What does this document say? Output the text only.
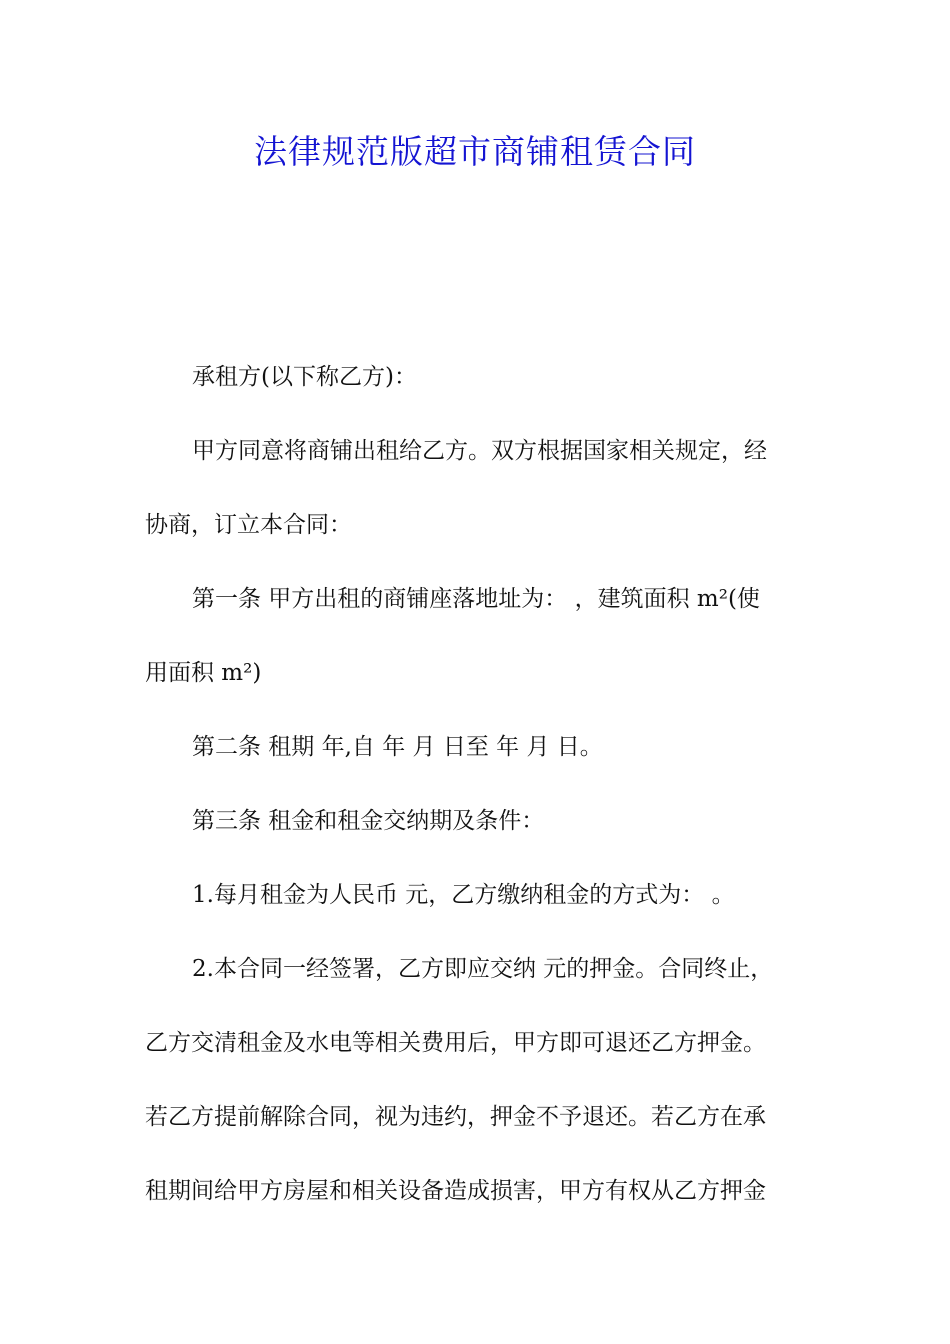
法律规范版超市商铺租赁合同
承租方(以下称乙方)：
甲方同意将商铺出租给乙方。双方根据国家相关规定，经
协商，订立本合同：
第一条 甲方出租的商铺座落地址为： ，建筑面积 m²(使
用面积 m²)
第二条 租期 年,自 年 月 日至 年 月 日。
第三条 租金和租金交纳期及条件：
1.每月租金为人民币 元，乙方缴纳租金的方式为： 。
2.本合同一经签署，乙方即应交纳 元的押金。合同终止，
乙方交清租金及水电等相关费用后，甲方即可退还乙方押金。
若乙方提前解除合同，视为违约，押金不予退还。若乙方在承
租期间给甲方房屋和相关设备造成损害，甲方有权从乙方押金
